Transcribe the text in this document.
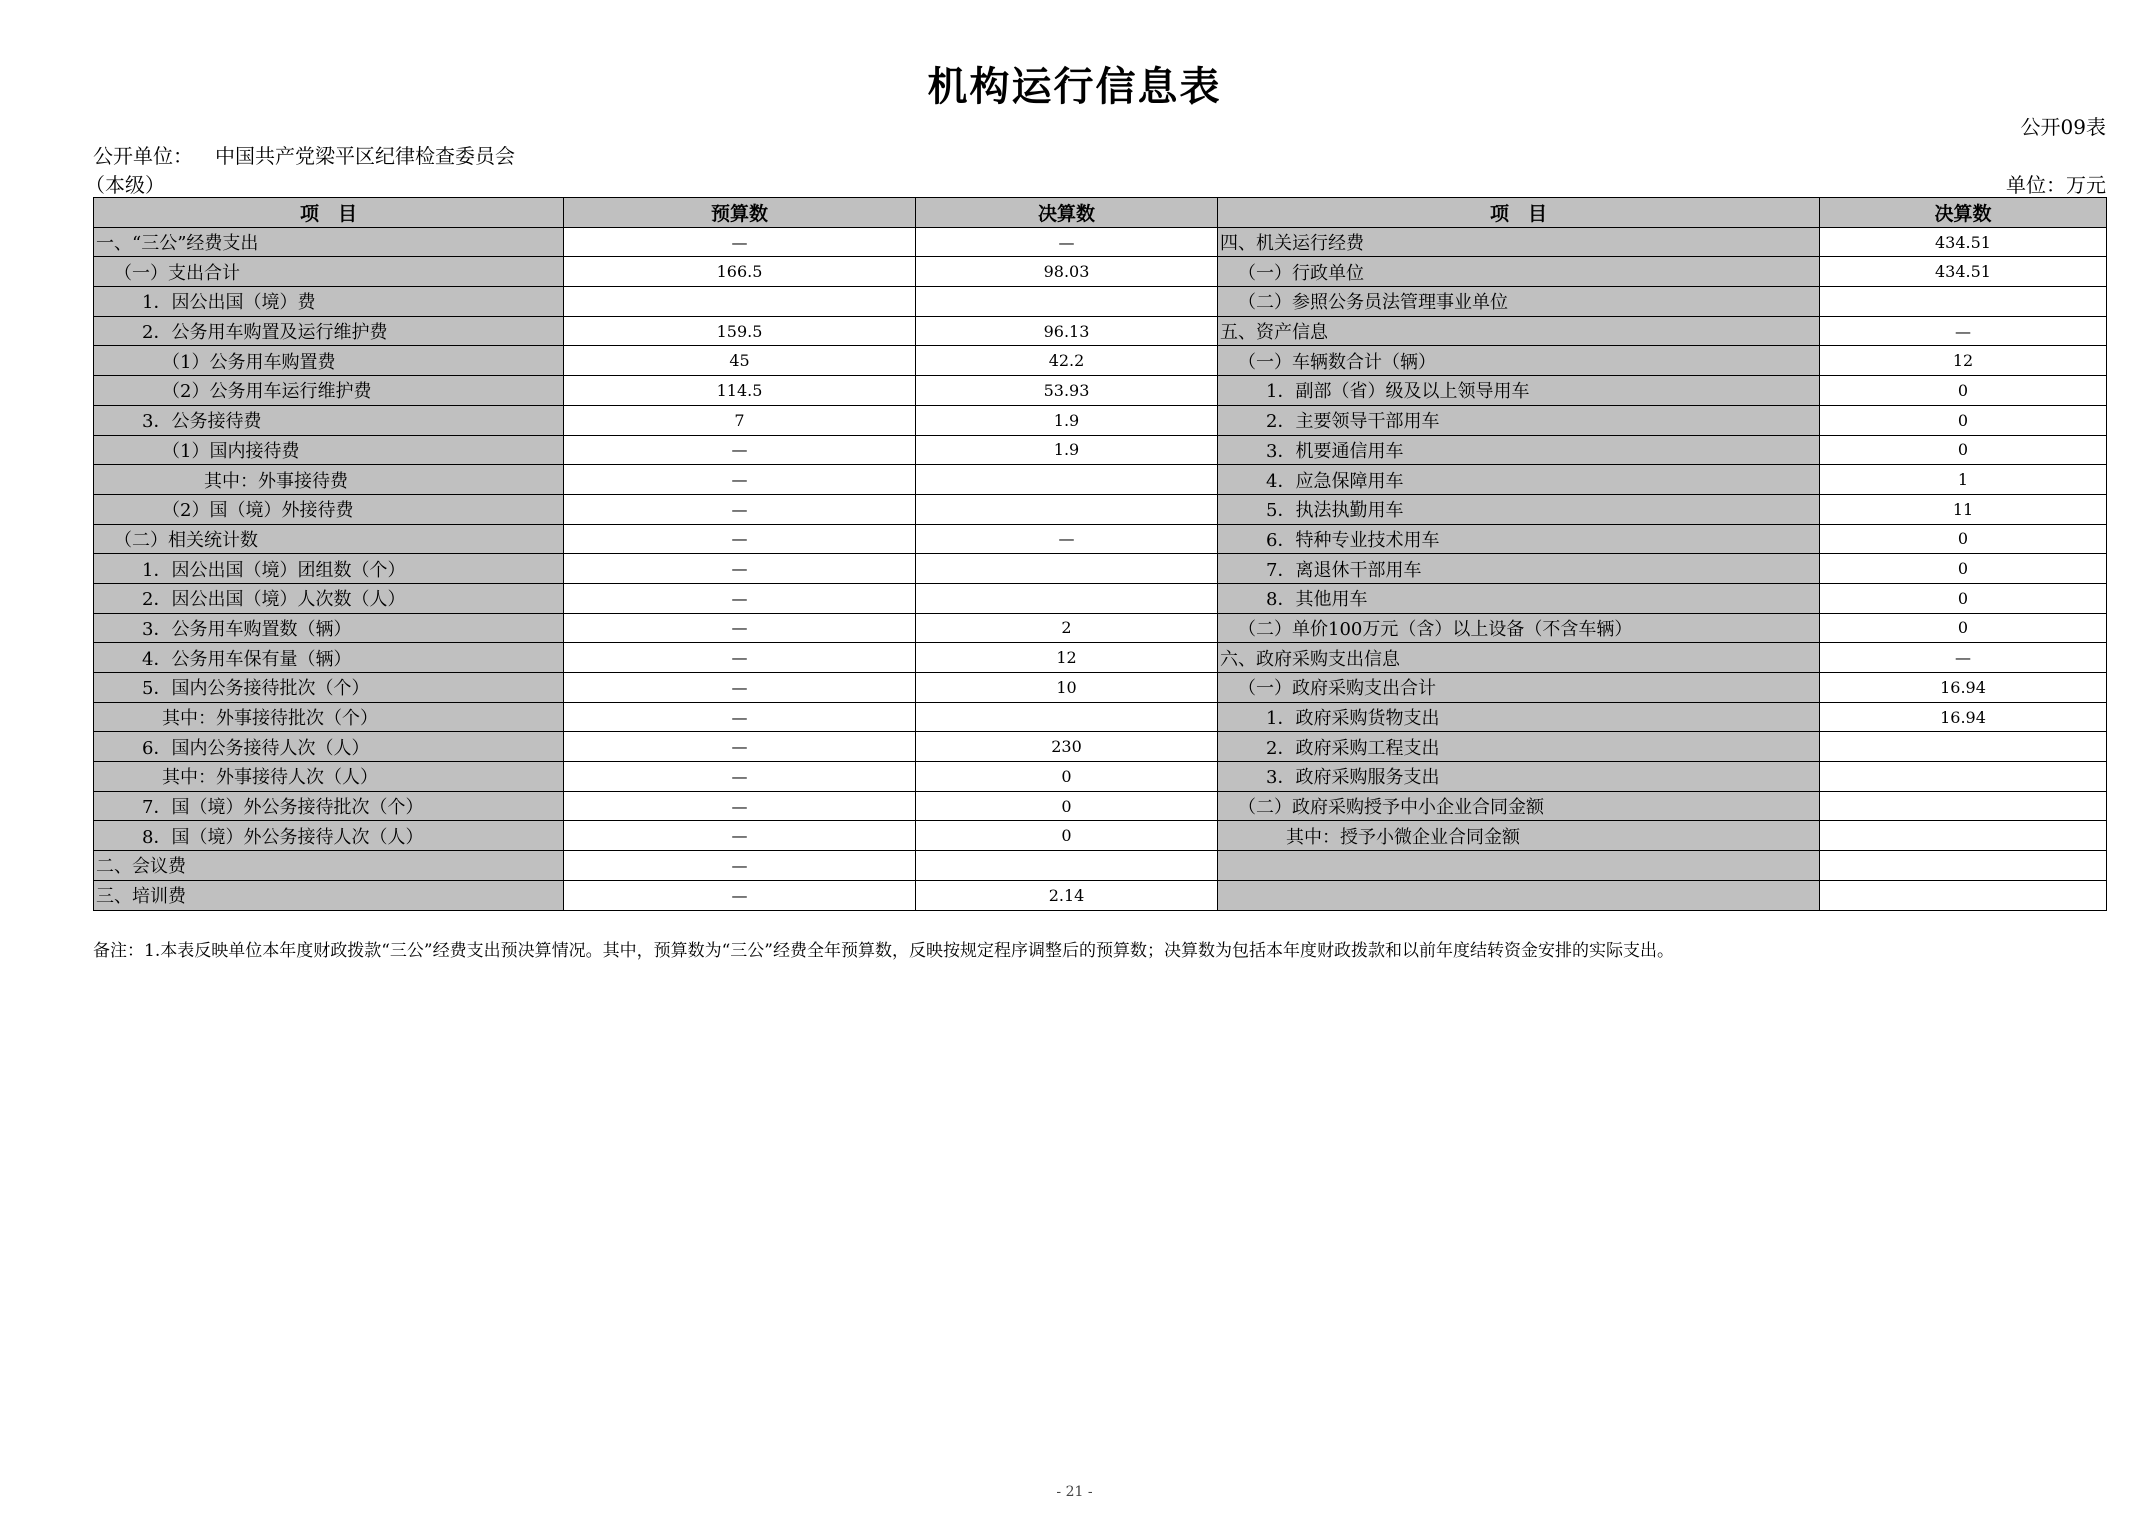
机构运行信息表
公开09表
公开单位： 中国共产党梁平区纪律检查委员会
（本级）	单位：万元
项　目	预算数	决算数	项　目	决算数
一、“三公”经费支出	—	—	四、机关运行经费	434.51
（一）支出合计	166.5	98.03	（一）行政单位	434.51
1．因公出国（境）费			（二）参照公务员法管理事业单位	
2．公务用车购置及运行维护费	159.5	96.13	五、资产信息	—
（1）公务用车购置费	45	42.2	（一）车辆数合计（辆）	12
（2）公务用车运行维护费	114.5	53.93	1．副部（省）级及以上领导用车	0
3．公务接待费	7	1.9	2．主要领导干部用车	0
（1）国内接待费	—	1.9	3．机要通信用车	0
其中：外事接待费	—		4．应急保障用车	1
（2）国（境）外接待费	—		5．执法执勤用车	11
（二）相关统计数	—	—	6．特种专业技术用车	0
1．因公出国（境）团组数（个）	—		7．离退休干部用车	0
2．因公出国（境）人次数（人）	—		8．其他用车	0
3．公务用车购置数（辆）	—	2	（二）单价100万元（含）以上设备（不含车辆）	0
4．公务用车保有量（辆）	—	12	六、政府采购支出信息	—
5．国内公务接待批次（个）	—	10	（一）政府采购支出合计	16.94
其中：外事接待批次（个）	—		1．政府采购货物支出	16.94
6．国内公务接待人次（人）	—	230	2．政府采购工程支出	
其中：外事接待人次（人）	—	0	3．政府采购服务支出	
7．国（境）外公务接待批次（个）	—	0	（二）政府采购授予中小企业合同金额	
8．国（境）外公务接待人次（人）	—	0	其中：授予小微企业合同金额	
二、会议费	—			
三、培训费	—	2.14		
备注：1.本表反映单位本年度财政拨款“三公”经费支出预决算情况。其中，预算数为“三公”经费全年预算数，反映按规定程序调整后的预算数；决算数为包括本年度财政拨款和以前年度结转资金安排的实际支出。
- 21 -
